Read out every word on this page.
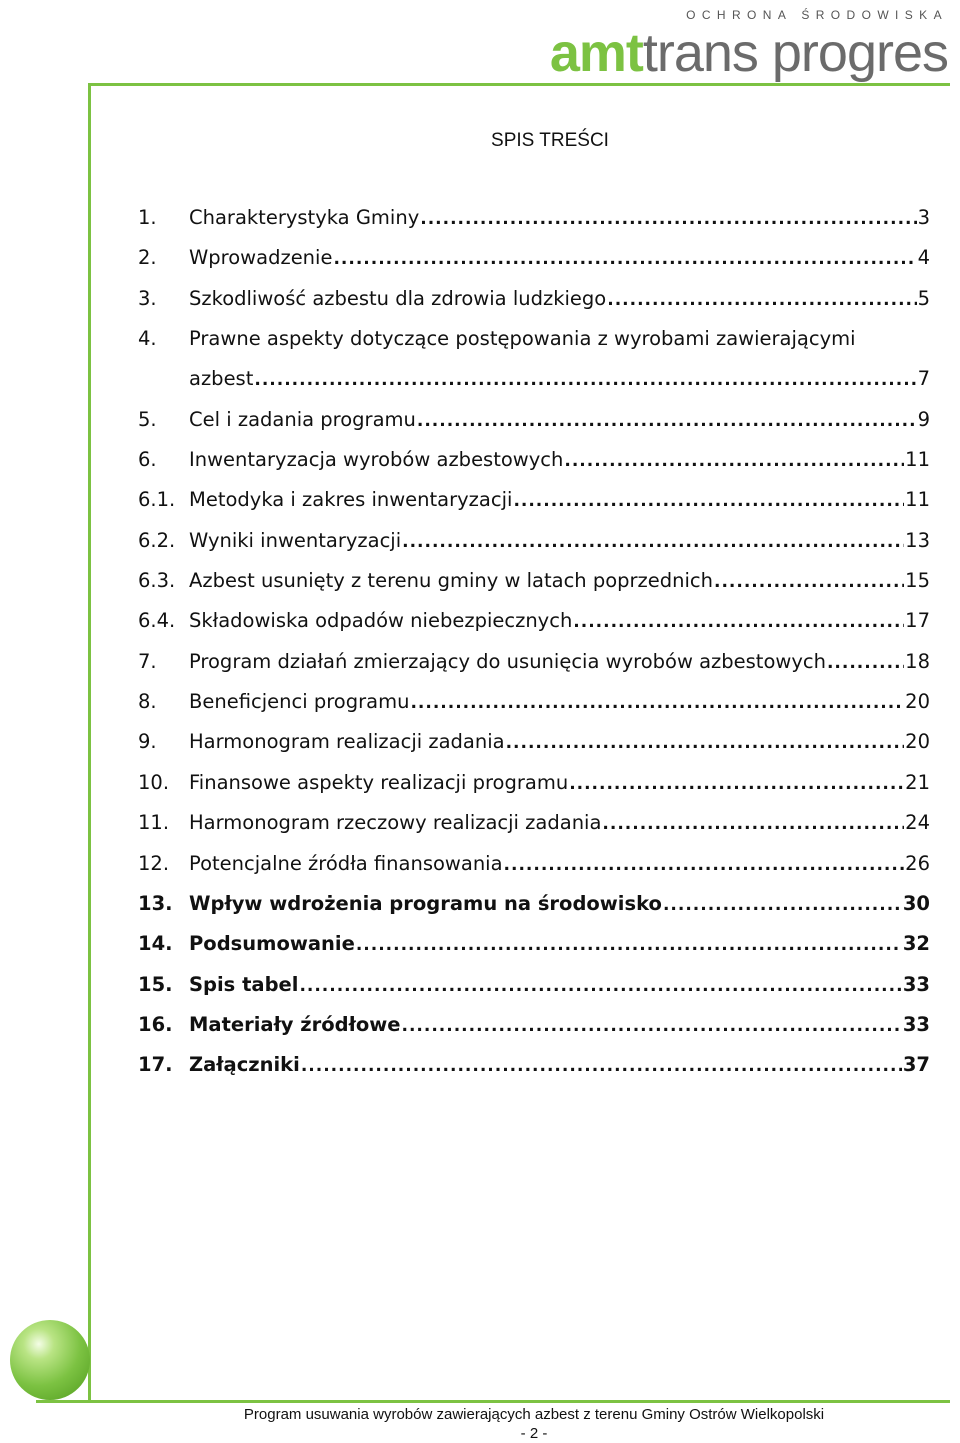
OCHRONA ŚRODOWISKA
amttrans progres
SPIS TREŚCI
1. Charakterystyka Gminy .....	3
2. Wprowadzenie .....	4
3. Szkodliwość azbestu dla zdrowia ludzkiego .....	5
4. Prawne aspekty dotyczące postępowania z wyrobami zawierającymi
azbest .....	7
5. Cel i zadania programu .....	9
6. Inwentaryzacja wyrobów azbestowych .....	11
6.1. Metodyka i zakres inwentaryzacji .....	11
6.2. Wyniki inwentaryzacji .....	13
6.3. Azbest usunięty z terenu gminy w latach poprzednich .....	15
6.4. Składowiska odpadów niebezpiecznych .....	17
7. Program działań zmierzający do usunięcia wyrobów azbestowych .....	18
8. Beneficjenci programu .....	20
9. Harmonogram realizacji zadania .....	20
10. Finansowe aspekty realizacji programu .....	21
11. Harmonogram rzeczowy realizacji zadania .....	24
12. Potencjalne źródła finansowania .....	26
13. Wpływ wdrożenia programu na środowisko .....	30
14. Podsumowanie .....	32
15. Spis tabel .....	33
16. Materiały źródłowe .....	33
17. Załączniki .....	37
Program usuwania wyrobów zawierających azbest z terenu Gminy Ostrów Wielkopolski
- 2 -
